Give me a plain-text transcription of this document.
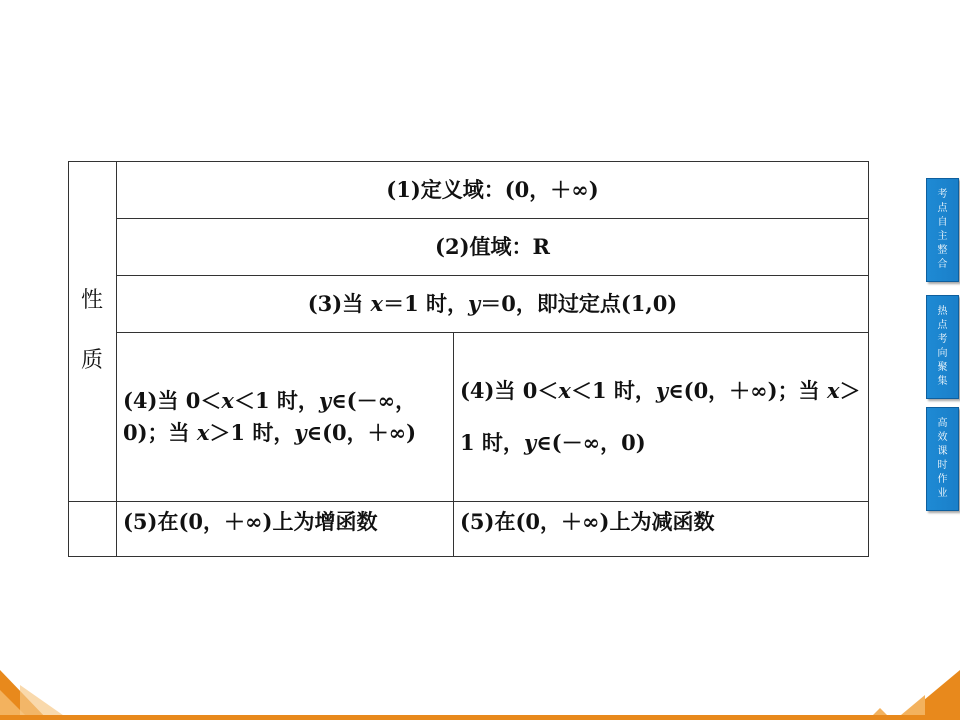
性
质
(1)定义域：(0，＋∞)
(2)值域：R
(3)当 x＝1 时，y＝0，即过定点(1,0)
(4)当 0＜x＜1 时，y∈(－∞，0)；当 x＞1 时，y∈(0，＋∞)
(4)当 0＜x＜1 时，y∈(0，＋∞)；当 x＞1 时，y∈(－∞，0)
(5)在(0，＋∞)上为增函数	(5)在(0，＋∞)上为减函数
考
点
自
主
整
合
热
点
考
向
聚
集
高
效
课
时
作
业
